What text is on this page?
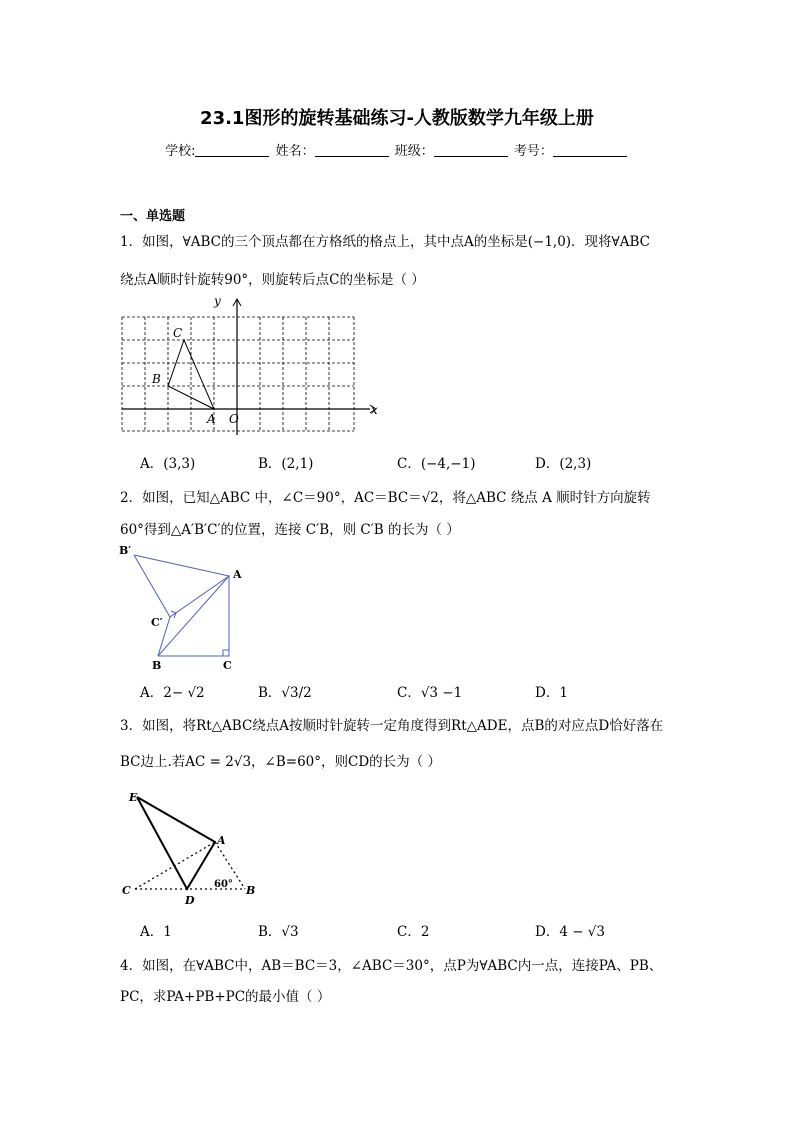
23.1图形的旋转基础练习-人教版数学九年级上册
学校:	姓名：	班级：	考号：
一、单选题
1．如图，∀ABC的三个顶点都在方格纸的格点上，其中点A的坐标是(−1,0)．现将∀ABC
绕点A顺时针旋转90°，则旋转后点C的坐标是（ ）
y
x
C
B
A O
A．(3,3)	B．(2,1)	C．(−4,−1)	D．(2,3)
2．如图，已知△ABC 中，∠C＝90°，AC＝BC＝√2，将△ABC 绕点 A 顺时针方向旋转
60°得到△A′B′C′的位置，连接 C′B，则 C′B 的长为（ ）
B′
A
C′
B	C
A．2− √2	B．√3/2	C．√3 −1	D．1
3．如图，将Rt△ABC绕点A按顺时针旋转一定角度得到Rt△ADE，点B的对应点D恰好落在
BC边上.若AC = 2√3，∠B=60°，则CD的长为（ ）
E
A
C
D
B
60°
A．1	B．√3	C．2	D．4 − √3
4．如图，在∀ABC中，AB＝BC＝3，∠ABC＝30°，点P为∀ABC内一点，连接PA、PB、
PC，求PA+PB+PC的最小值（ ）
